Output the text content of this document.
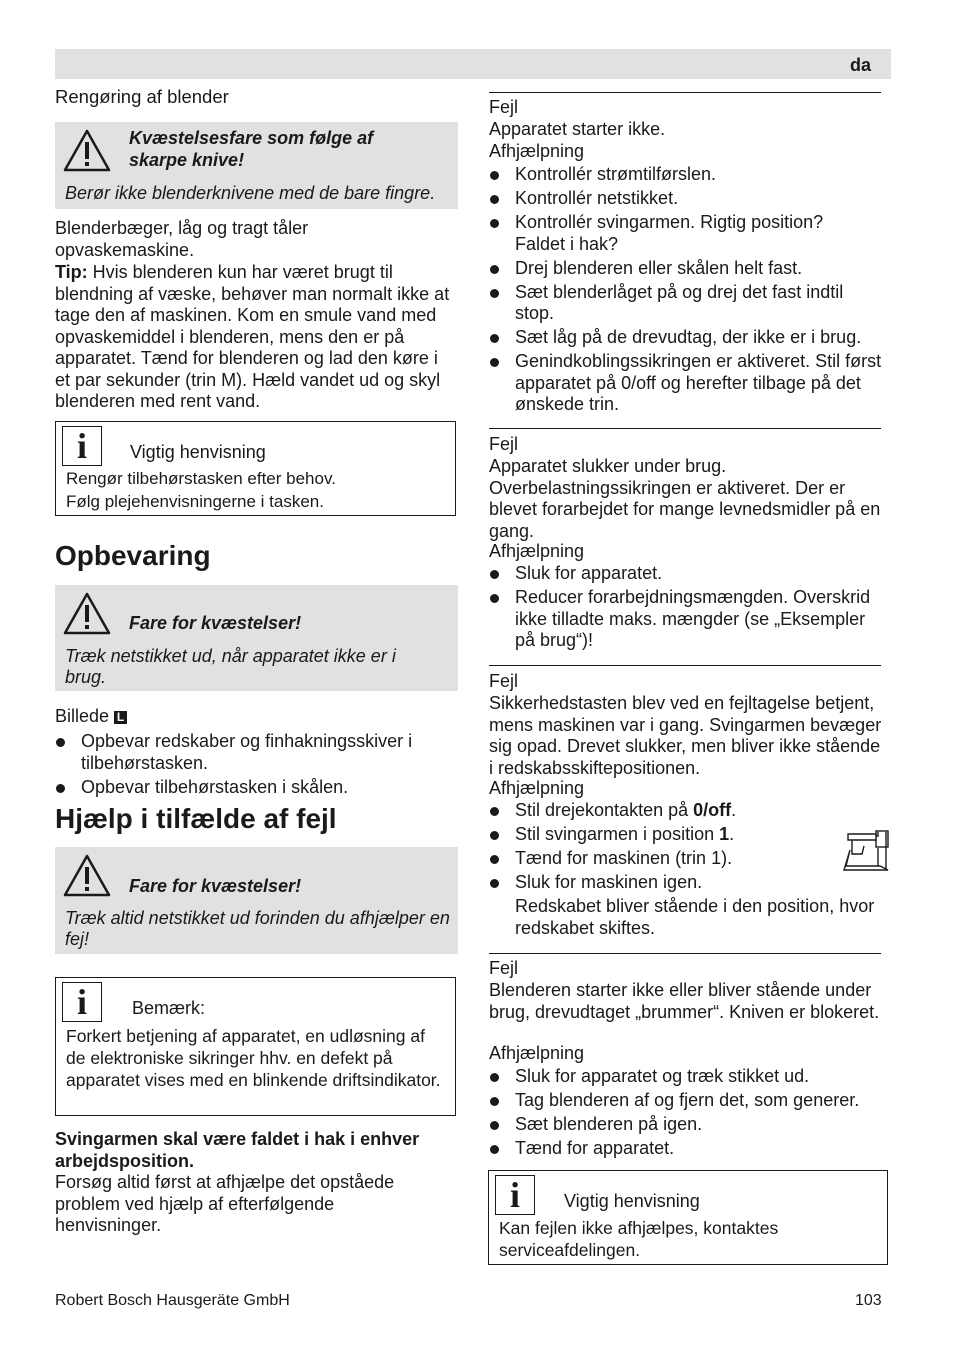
da

Rengøring af blender

Kvæstelsesfare som følge af skarpe knive!

Berør ikke blenderknivene med de bare fingre.

Blenderbæger, låg og tragt tåler opvaskemaskine.

Tip: Hvis blenderen kun har været brugt til blendning af væske, behøver man normalt ikke at tage den af maskinen. Kom en smule vand med opvaskemiddel i blenderen, mens den er på apparatet. Tænd for blenderen og lad den køre i et par sekunder (trin M). Hæld vandet ud og skyl blenderen med rent vand.

i	Vigtig henvisning

Rengør tilbehørstasken efter behov.

Følg plejehenvisningerne i tasken.

Opbevaring

Fare for kvæstelser!

Træk netstikket ud, når apparatet ikke er i brug.

Billede L

Opbevar redskaber og finhakningsskiver i tilbehørstasken.
Opbevar tilbehørstasken i skålen.
Hjælp i tilfælde af fejl

Fare for kvæstelser!

Træk altid netstikket ud forinden du afhjælper en fej!

i	Bemærk:

Forkert betjening af apparatet, en udløsning af de elektroniske sikringer hhv. en defekt på apparatet vises med en blinkende driftsindikator.

Svingarmen skal være faldet i hak i enhver arbejdsposition.

Forsøg altid først at afhjælpe det opståede problem ved hjælp af efterfølgende henvisninger.

Fejl

Apparatet starter ikke.

Afhjælpning

Kontrollér strømtilførslen.
Kontrollér netstikket.
Kontrollér svingarmen. Rigtig position? Faldet i hak?
Drej blenderen eller skålen helt fast.
Sæt blenderlåget på og drej det fast indtil stop.
Sæt låg på de drevudtag, der ikke er i brug.
Genindkoblingssikringen er aktiveret. Stil først apparatet på 0/off og herefter tilbage på det ønskede trin.

Fejl

Apparatet slukker under brug. Overbelastningssikringen er aktiveret. Der er blevet forarbejdet for mange levnedsmidler på en gang.

Afhjælpning

Sluk for apparatet.
Reducer forarbejdningsmængden. Overskrid ikke tilladte maks. mængder (se „Eksempler på brug“)!

Fejl

Sikkerhedstasten blev ved en fejltagelse betjent, mens maskinen var i gang. Svingarmen bevæger sig opad. Drevet slukker, men bliver ikke stående i redskabsskiftepositionen.

Afhjælpning

Stil drejekontakten på 0/off.
Stil svingarmen i position 1.
Tænd for maskinen (trin 1).
Sluk for maskinen igen.
Redskabet bliver stående i den position, hvor redskabet skiftes.

Fejl

Blenderen starter ikke eller bliver stående under brug, drevudtaget „brummer“. Kniven er blokeret.

Afhjælpning

Sluk for apparatet og træk stikket ud.
Tag blenderen af og fjern det, som generer.
Sæt blenderen på igen.
Tænd for apparatet.
i	Vigtig henvisning

Kan fejlen ikke afhjælpes, kontaktes serviceafdelingen.

Robert Bosch Hausgeräte GmbH	103
